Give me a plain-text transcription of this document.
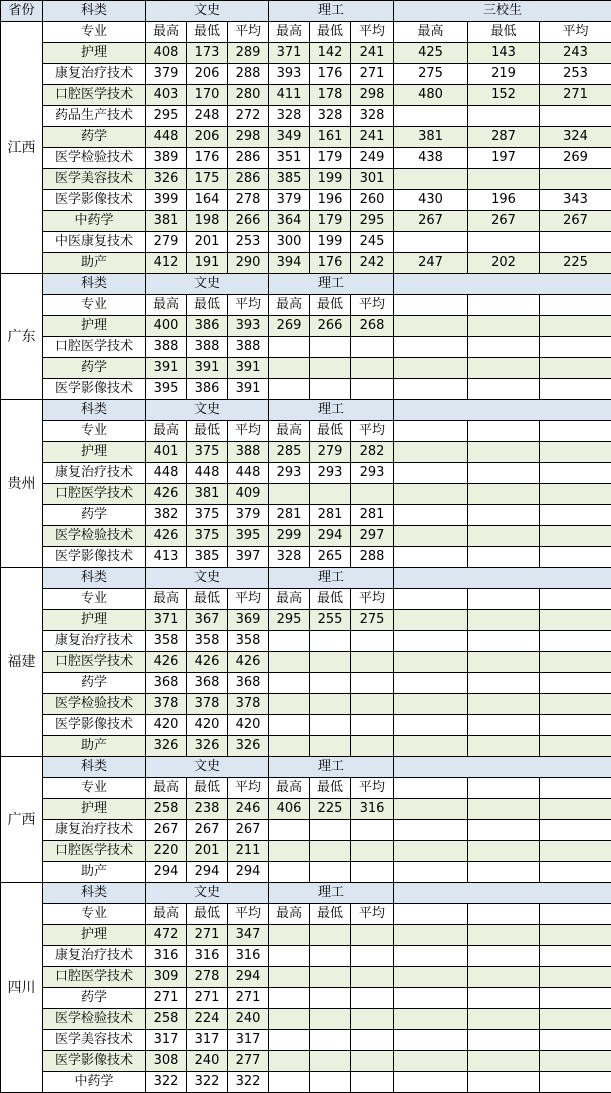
省份	科类	文史			理工			三校生		
江西	专业	最高	最低	平均	最高	最低	平均	最高	最低	平均
	护理	408	173	289	371	142	241	425	143	243
	康复治疗技术	379	206	288	393	176	271	275	219	253
	口腔医学技术	403	170	280	411	178	298	480	152	271
	药品生产技术	295	248	272	328	328	328			
	药学	448	206	298	349	161	241	381	287	324
	医学检验技术	389	176	286	351	179	249	438	197	269
	医学美容技术	326	175	286	385	199	301			
	医学影像技术	399	164	278	379	196	260	430	196	343
	中药学	381	198	266	364	179	295	267	267	267
	中医康复技术	279	201	253	300	199	245			
	助产	412	191	290	394	176	242	247	202	225
广东	科类	文史			理工					
	专业	最高	最低	平均	最高	最低	平均			
	护理	400	386	393	269	266	268			
	口腔医学技术	388	388	388						
	药学	391	391	391						
	医学影像技术	395	386	391						
贵州	科类	文史			理工					
	专业	最高	最低	平均	最高	最低	平均			
	护理	401	375	388	285	279	282			
	康复治疗技术	448	448	448	293	293	293			
	口腔医学技术	426	381	409						
	药学	382	375	379	281	281	281			
	医学检验技术	426	375	395	299	294	297			
	医学影像技术	413	385	397	328	265	288			
福建	科类	文史			理工					
	专业	最高	最低	平均	最高	最低	平均			
	护理	371	367	369	295	255	275			
	康复治疗技术	358	358	358						
	口腔医学技术	426	426	426						
	药学	368	368	368						
	医学检验技术	378	378	378						
	医学影像技术	420	420	420						
	助产	326	326	326						
广西	科类	文史			理工					
	专业	最高	最低	平均	最高	最低	平均			
	护理	258	238	246	406	225	316			
	康复治疗技术	267	267	267						
	口腔医学技术	220	201	211						
	助产	294	294	294						
四川	科类	文史			理工					
	专业	最高	最低	平均	最高	最低	平均			
	护理	472	271	347						
	康复治疗技术	316	316	316						
	口腔医学技术	309	278	294						
	药学	271	271	271						
	医学检验技术	258	224	240						
	医学美容技术	317	317	317						
	医学影像技术	308	240	277						
	中药学	322	322	322						
